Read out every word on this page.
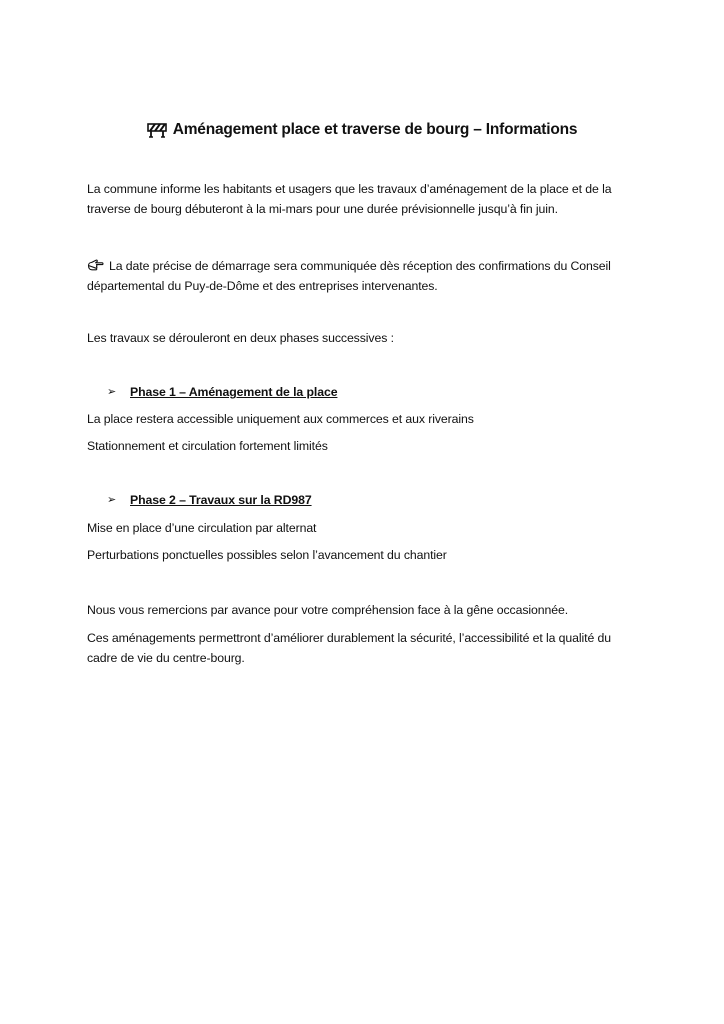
Aménagement place et traverse de bourg – Informations
La commune informe les habitants et usagers que les travaux d’aménagement de la place et de la
traverse de bourg débuteront à la mi-mars pour une durée prévisionnelle jusqu’à fin juin.
La date précise de démarrage sera communiquée dès réception des confirmations du Conseil
départemental du Puy-de-Dôme et des entreprises intervenantes.
Les travaux se dérouleront en deux phases successives :
➢	Phase 1 – Aménagement de la place
La place restera accessible uniquement aux commerces et aux riverains
Stationnement et circulation fortement limités
➢	Phase 2 – Travaux sur la RD987
Mise en place d’une circulation par alternat
Perturbations ponctuelles possibles selon l’avancement du chantier
Nous vous remercions par avance pour votre compréhension face à la gêne occasionnée.
Ces aménagements permettront d’améliorer durablement la sécurité, l’accessibilité et la qualité du
cadre de vie du centre-bourg.
